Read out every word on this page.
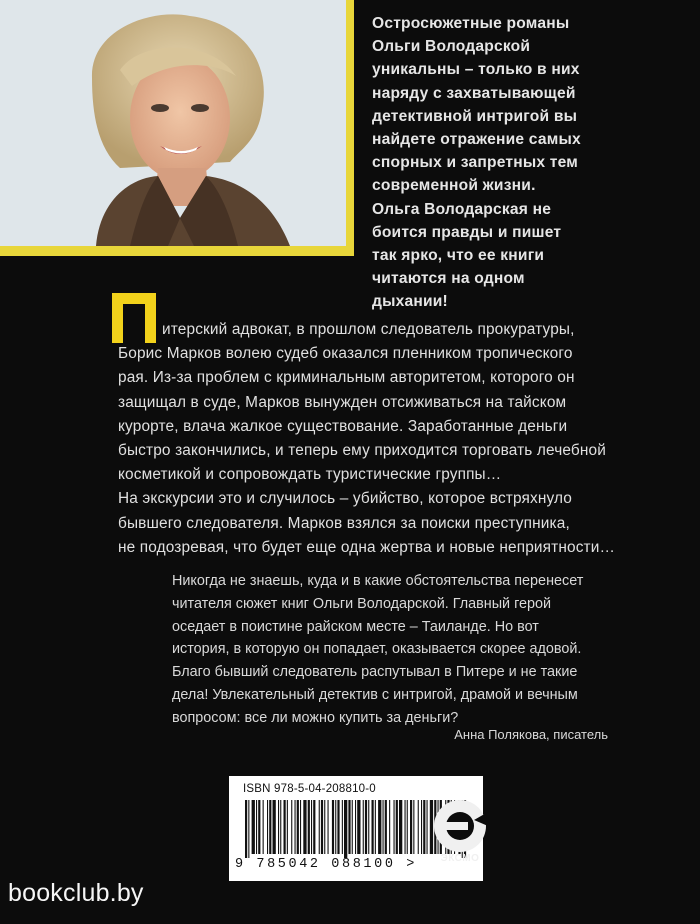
Остросюжетные романы
Ольги Володарской
уникальны – только в них
наряду с захватывающей
детективной интригой вы
найдете отражение самых
спорных и запретных тем
современной жизни.
Ольга Володарская не
боится правды и пишет
так ярко, что ее книги
читаются на одном
дыхании!
итерский адвокат, в прошлом следователь прокуратуры,
Борис Марков волею судеб оказался пленником тропического
рая. Из-за проблем с криминальным авторитетом, которого он
защищал в суде, Марков вынужден отсиживаться на тайском
курорте, влача жалкое существование. Заработанные деньги
быстро закончились, и теперь ему приходится торговать лечебной
косметикой и сопровождать туристические группы…
На экскурсии это и случилось – убийство, которое встряхнуло
бывшего следователя. Марков взялся за поиски преступника,
не подозревая, что будет еще одна жертва и новые неприятности…
Никогда не знаешь, куда и в какие обстоятельства перенесет
читателя сюжет книг Ольги Володарской. Главный герой
оседает в поистине райском месте – Таиланде. Но вот
история, в которую он попадает, оказывается скорее адовой.
Благо бывший следователь распутывал в Питере и не такие
дела! Увлекательный детектив с интригой, драмой и вечным
вопросом: все ли можно купить за деньги?
Анна Полякова, писатель
ISBN 978-5-04-208810-0
9 785042 088100 >	ЭКСМО
bookclub.by
